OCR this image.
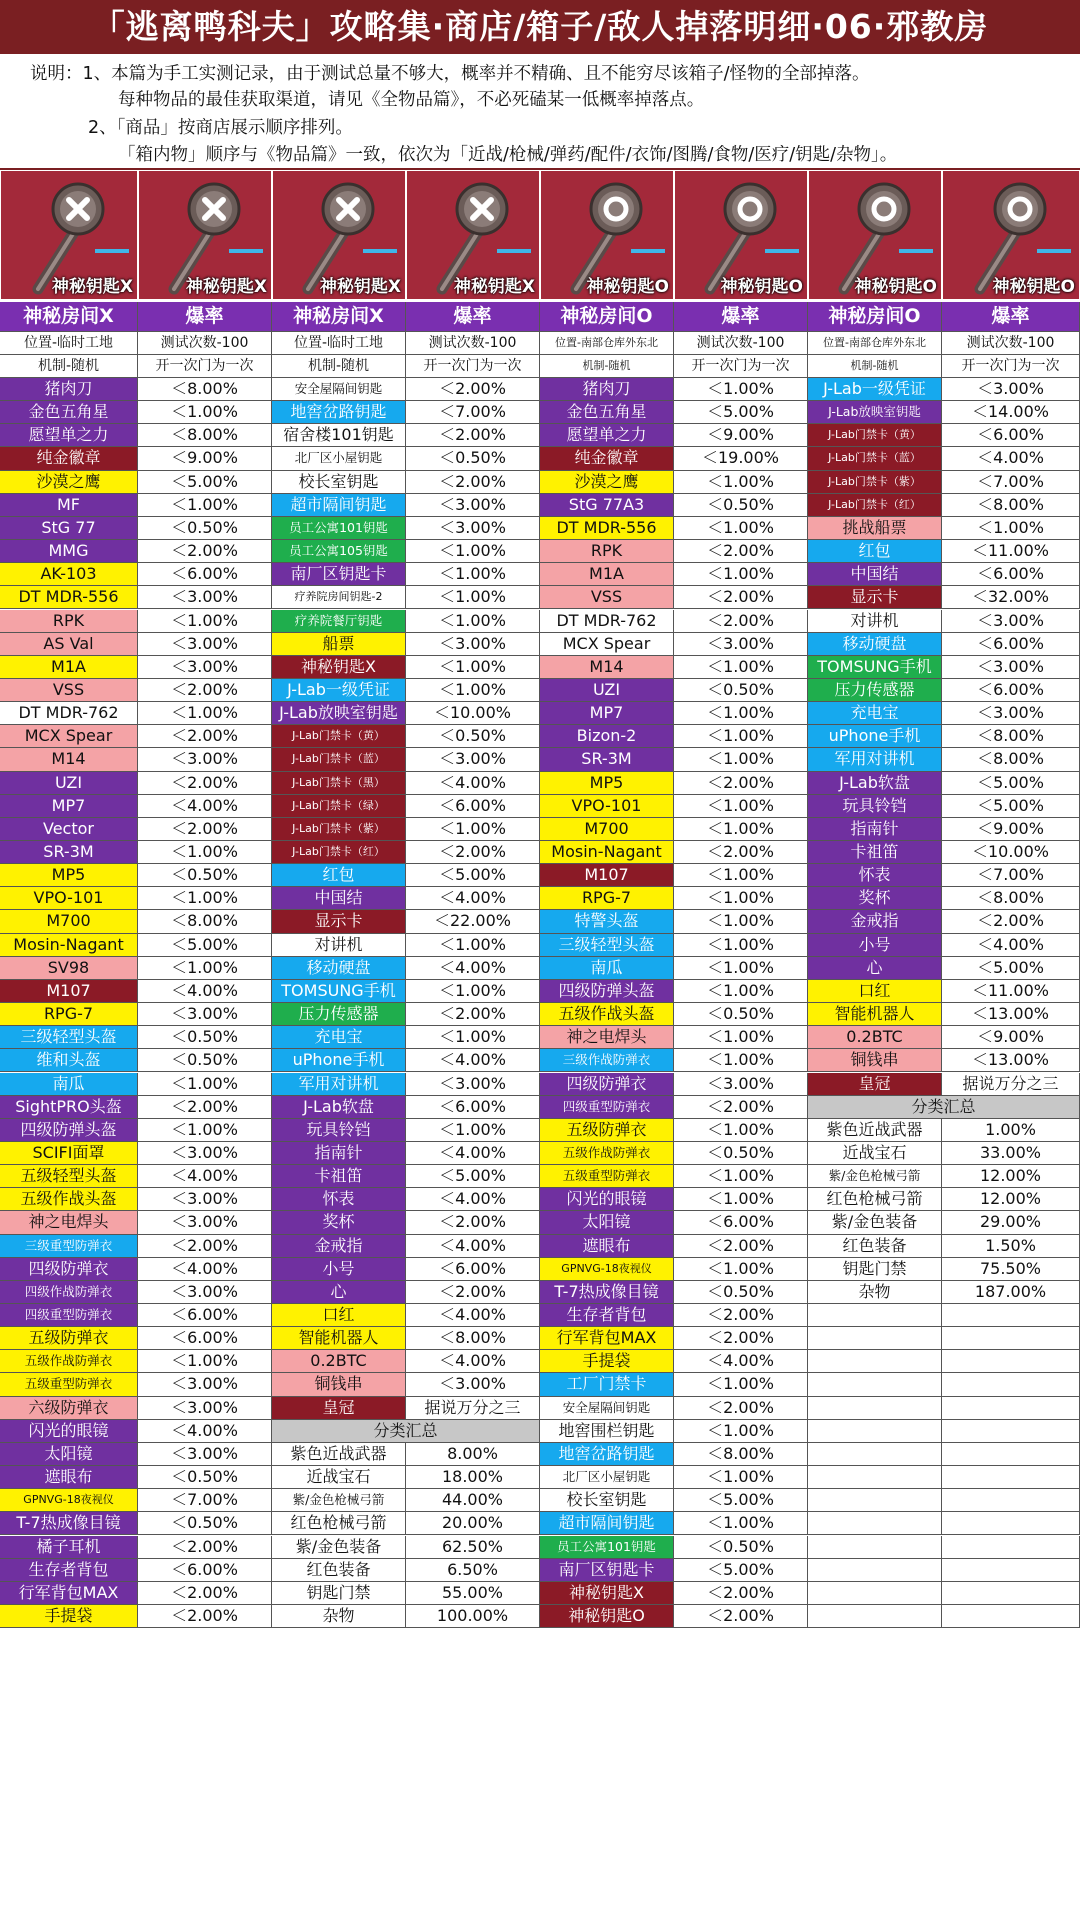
「逃离鸭科夫」攻略集·商店/箱子/敌人掉落明细·06·邪教房
说明：1、本篇为手工实测记录，由于测试总量不够大，概率并不精确、且不能穷尽该箱子/怪物的全部掉落。
每种物品的最佳获取渠道，请见《全物品篇》，不必死磕某一低概率掉落点。
2、「商品」按商店展示顺序排列。
「箱内物」顺序与《物品篇》一致，依次为「近战/枪械/弹药/配件/衣饰/图腾/食物/医疗/钥匙/杂物」。
神秘钥匙X	神秘钥匙X	神秘钥匙X	神秘钥匙X	神秘钥匙O	神秘钥匙O	神秘钥匙O	神秘钥匙O
神秘房间X	爆率	神秘房间X	爆率	神秘房间O	爆率	神秘房间O	爆率
位置-临时工地	测试次数-100	位置-临时工地	测试次数-100	位置-南部仓库外东北	测试次数-100	位置-南部仓库外东北	测试次数-100
机制-随机	开一次门为一次	机制-随机	开一次门为一次	机制-随机	开一次门为一次	机制-随机	开一次门为一次
猪肉刀	＜8.00%	安全屋隔间钥匙	＜2.00%	猪肉刀	＜1.00%	J-Lab一级凭证	＜3.00%
金色五角星	＜1.00%	地窖岔路钥匙	＜7.00%	金色五角星	＜5.00%	J-Lab放映室钥匙	＜14.00%
愿望单之力	＜8.00%	宿舍楼101钥匙	＜2.00%	愿望单之力	＜9.00%	J-Lab门禁卡（黄）	＜6.00%
纯金徽章	＜9.00%	北厂区小屋钥匙	＜0.50%	纯金徽章	＜19.00%	J-Lab门禁卡（蓝）	＜4.00%
沙漠之鹰	＜5.00%	校长室钥匙	＜2.00%	沙漠之鹰	＜1.00%	J-Lab门禁卡（紫）	＜7.00%
MF	＜1.00%	超市隔间钥匙	＜3.00%	StG 77A3	＜0.50%	J-Lab门禁卡（红）	＜8.00%
StG 77	＜0.50%	员工公寓101钥匙	＜3.00%	DT MDR-556	＜1.00%	挑战船票	＜1.00%
MMG	＜2.00%	员工公寓105钥匙	＜1.00%	RPK	＜2.00%	红包	＜11.00%
AK-103	＜6.00%	南厂区钥匙卡	＜1.00%	M1A	＜1.00%	中国结	＜6.00%
DT MDR-556	＜3.00%	疗养院房间钥匙-2	＜1.00%	VSS	＜2.00%	显示卡	＜32.00%
RPK	＜1.00%	疗养院餐厅钥匙	＜1.00%	DT MDR-762	＜2.00%	对讲机	＜3.00%
AS Val	＜3.00%	船票	＜3.00%	MCX Spear	＜3.00%	移动硬盘	＜6.00%
M1A	＜3.00%	神秘钥匙X	＜1.00%	M14	＜1.00%	TOMSUNG手机	＜3.00%
VSS	＜2.00%	J-Lab一级凭证	＜1.00%	UZI	＜0.50%	压力传感器	＜6.00%
DT MDR-762	＜1.00%	J-Lab放映室钥匙	＜10.00%	MP7	＜1.00%	充电宝	＜3.00%
MCX Spear	＜2.00%	J-Lab门禁卡（黄）	＜0.50%	Bizon-2	＜1.00%	uPhone手机	＜8.00%
M14	＜3.00%	J-Lab门禁卡（蓝）	＜3.00%	SR-3M	＜1.00%	军用对讲机	＜8.00%
UZI	＜2.00%	J-Lab门禁卡（黑）	＜4.00%	MP5	＜2.00%	J-Lab软盘	＜5.00%
MP7	＜4.00%	J-Lab门禁卡（绿）	＜6.00%	VPO-101	＜1.00%	玩具铃铛	＜5.00%
Vector	＜2.00%	J-Lab门禁卡（紫）	＜1.00%	M700	＜1.00%	指南针	＜9.00%
SR-3M	＜1.00%	J-Lab门禁卡（红）	＜2.00%	Mosin-Nagant	＜2.00%	卡祖笛	＜10.00%
MP5	＜0.50%	红包	＜5.00%	M107	＜1.00%	怀表	＜7.00%
VPO-101	＜1.00%	中国结	＜4.00%	RPG-7	＜1.00%	奖杯	＜8.00%
M700	＜8.00%	显示卡	＜22.00%	特警头盔	＜1.00%	金戒指	＜2.00%
Mosin-Nagant	＜5.00%	对讲机	＜1.00%	三级轻型头盔	＜1.00%	小号	＜4.00%
SV98	＜1.00%	移动硬盘	＜4.00%	南瓜	＜1.00%	心	＜5.00%
M107	＜4.00%	TOMSUNG手机	＜1.00%	四级防弹头盔	＜1.00%	口红	＜11.00%
RPG-7	＜3.00%	压力传感器	＜2.00%	五级作战头盔	＜0.50%	智能机器人	＜13.00%
三级轻型头盔	＜0.50%	充电宝	＜1.00%	神之电焊头	＜1.00%	0.2BTC	＜9.00%
维和头盔	＜0.50%	uPhone手机	＜4.00%	三级作战防弹衣	＜1.00%	铜钱串	＜13.00%
南瓜	＜1.00%	军用对讲机	＜3.00%	四级防弹衣	＜3.00%	皇冠	据说万分之三
SightPRO头盔	＜2.00%	J-Lab软盘	＜6.00%	四级重型防弹衣	＜2.00%	分类汇总
四级防弹头盔	＜1.00%	玩具铃铛	＜1.00%	五级防弹衣	＜1.00%	紫色近战武器	1.00%
SCIFI面罩	＜3.00%	指南针	＜4.00%	五级作战防弹衣	＜0.50%	近战宝石	33.00%
五级轻型头盔	＜4.00%	卡祖笛	＜5.00%	五级重型防弹衣	＜1.00%	紫/金色枪械弓箭	12.00%
五级作战头盔	＜3.00%	怀表	＜4.00%	闪光的眼镜	＜1.00%	红色枪械弓箭	12.00%
神之电焊头	＜3.00%	奖杯	＜2.00%	太阳镜	＜6.00%	紫/金色装备	29.00%
三级重型防弹衣	＜2.00%	金戒指	＜4.00%	遮眼布	＜2.00%	红色装备	1.50%
四级防弹衣	＜4.00%	小号	＜6.00%	GPNVG-18夜视仪	＜1.00%	钥匙门禁	75.50%
四级作战防弹衣	＜3.00%	心	＜2.00%	T-7热成像目镜	＜0.50%	杂物	187.00%
四级重型防弹衣	＜6.00%	口红	＜4.00%	生存者背包	＜2.00%
五级防弹衣	＜6.00%	智能机器人	＜8.00%	行军背包MAX	＜2.00%
五级作战防弹衣	＜1.00%	0.2BTC	＜4.00%	手提袋	＜4.00%
五级重型防弹衣	＜3.00%	铜钱串	＜3.00%	工厂门禁卡	＜1.00%
六级防弹衣	＜3.00%	皇冠	据说万分之三	安全屋隔间钥匙	＜2.00%
闪光的眼镜	＜4.00%	分类汇总	地窖围栏钥匙	＜1.00%
太阳镜	＜3.00%	紫色近战武器	8.00%	地窖岔路钥匙	＜8.00%
遮眼布	＜0.50%	近战宝石	18.00%	北厂区小屋钥匙	＜1.00%
GPNVG-18夜视仪	＜7.00%	紫/金色枪械弓箭	44.00%	校长室钥匙	＜5.00%
T-7热成像目镜	＜0.50%	红色枪械弓箭	20.00%	超市隔间钥匙	＜1.00%
橘子耳机	＜2.00%	紫/金色装备	62.50%	员工公寓101钥匙	＜0.50%
生存者背包	＜6.00%	红色装备	6.50%	南厂区钥匙卡	＜5.00%
行军背包MAX	＜2.00%	钥匙门禁	55.00%	神秘钥匙X	＜2.00%
手提袋	＜2.00%	杂物	100.00%	神秘钥匙O	＜2.00%
